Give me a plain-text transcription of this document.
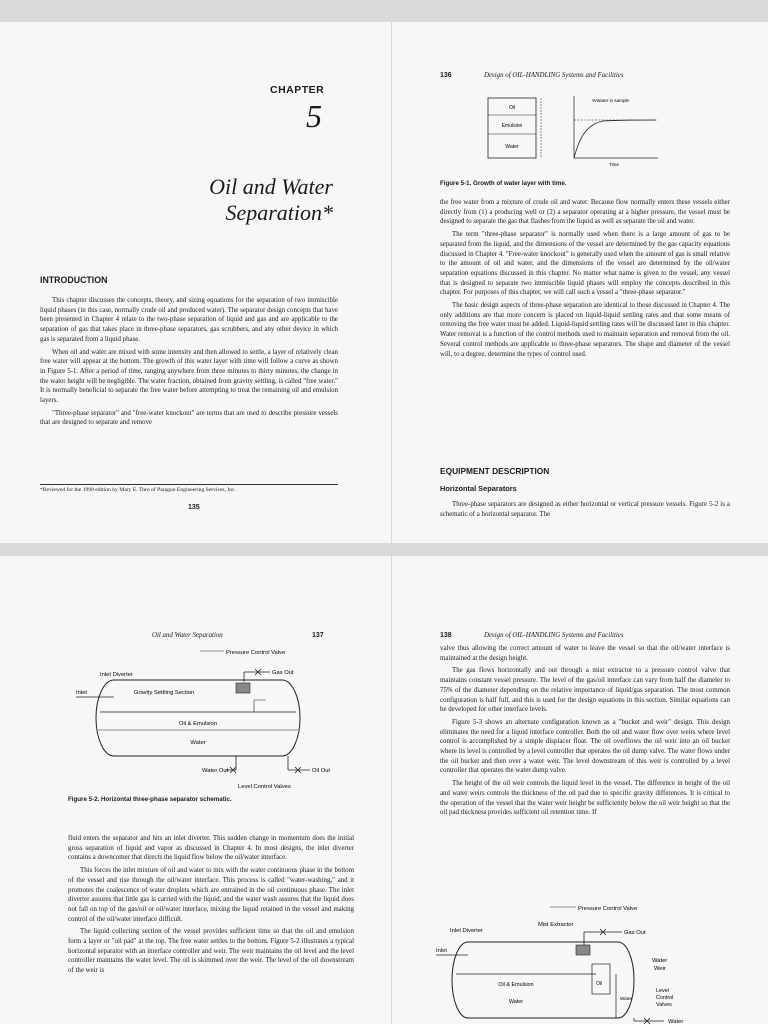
CHAPTER
5
Oil and Water
Separation*
INTRODUCTION

This chapter discusses the concepts, theory, and sizing equations for the separation of two immiscible liquid phases (in this case, normally crude oil and produced water). The separator design concepts that have been presented in Chapter 4 relate to the two-phase separation of liquid and gas and are applicable to the separation of gas that takes place in three-phase separators, gas scrubbers, and any other device in which gas is separated from a liquid phase.

When oil and water are mixed with some intensity and then allowed to settle, a layer of relatively clean free water will appear at the bottom. The growth of this water layer with time will follow a curve as shown in Figure 5-1. After a period of time, ranging anywhere from three minutes to thirty minutes, the change in the water height will be negligible. The water fraction, obtained from gravity settling, is called "free water." It is normally beneficial to separate the free water before attempting to treat the remaining oil and emulsion layers.

"Three-phase separator" and "free-water knockout" are terms that are used to describe pressure vessels that are designed to separate and remove

*Reviewed for the 1998 edition by Mary E. Thro of Paragon Engineering Services, Inc.
135
136	Design of OIL-HANDLING Systems and Facilities
Oil
Emulsion
Water
%Water in sample
Time
Figure 5-1. Growth of water layer with time.

the free water from a mixture of crude oil and water. Because flow normally enters these vessels either directly from (1) a producing well or (2) a separator operating at a higher pressure, the vessel must be designed to separate the gas that flashes from the liquid as well as separate the oil and water.

The term "three-phase separator" is normally used when there is a large amount of gas to be separated from the liquid, and the dimensions of the vessel are determined by the gas capacity equations discussed in Chapter 4. "Free-water knockout" is generally used when the amount of gas is small relative to the amount of oil and water, and the dimensions of the vessel are determined by the oil/water separation equations discussed in this chapter. No matter what name is given to the vessel, any vessel that is designed to separate two immiscible liquid phases will employ the concepts described in this chapter. For purposes of this chapter, we will call such a vessel a "three-phase separator."

The basic design aspects of three-phase separation are identical to those discussed in Chapter 4. The only additions are that more concern is placed on liquid-liquid settling rates and that some means of removing the free water must be added. Liquid-liquid settling rates will be discussed later in this chapter. Water removal is a function of the control methods used to maintain separation and removal from the oil. Several control methods are applicable to three-phase separators. The shape and diameter of the vessel will, to a degree, determine the types of control used.

EQUIPMENT DESCRIPTION
Horizontal Separators

Three-phase separators are designed as either horizontal or vertical pressure vessels. Figure 5-2 is a schematic of a horizontal separator. The

Oil and Water Separation	137
Pressure Control Valve
Gas Out
Inlet Diverter
Inlet	Gravity Settling Section
Oil & Emulsion
Water
Oil Out
Water Out
Level Control Valves
Figure 5-2. Horizontal three-phase separator schematic.

fluid enters the separator and hits an inlet diverter. This sudden change in momentum does the initial gross separation of liquid and vapor as discussed in Chapter 4. In most designs, the inlet diverter contains a downcomer that directs the liquid flow below the oil/water interface.

This forces the inlet mixture of oil and water to mix with the water continuous phase in the bottom of the vessel and rise through the oil/water interface. This process is called "water-washing," and it promotes the coalescence of water droplets which are entrained in the oil continuous phase. The inlet diverter assures that little gas is carried with the liquid, and the water wash assures that the liquid does not fall on top of the gas/oil or oil/water interface, mixing the liquid retained in the vessel and making control of the oil/water interface difficult.

The liquid collecting section of the vessel provides sufficient time so that the oil and emulsion form a layer or "oil pad" at the top. The free water settles to the bottom. Figure 5-2 illustrates a typical horizontal separator with an interface controller and weir. The weir maintains the oil level and the level controller maintains the water level. The oil is skimmed over the weir. The level of the oil downstream of the weir is

138	Design of OIL-HANDLING Systems and Facilities

valve thus allowing the correct amount of water to leave the vessel so that the oil/water interface is maintained at the design height.

The gas flows horizontally and out through a mist extractor to a pressure control valve that maintains constant vessel pressure. The level of the gas/oil interface can vary from half the diameter to 75% of the diameter depending on the relative importance of liquid/gas separation. The most common configuration is half full, and this is used for the design equations in this section. Similar equations can be developed for other interface levels.

Figure 5-3 shows an alternate configuration known as a "bucket and weir" design. This design eliminates the need for a liquid interface controller. Both the oil and water flow over weirs where level control is accomplished by a simple displacer float. The oil overflows the oil weir into an oil bucket where its level is controlled by a level controller that operates the oil dump valve. The water flows under the oil bucket and then over a water weir. The level downstream of this weir is controlled by a level controller that operates the water dump valve.

The height of the oil weir controls the liquid level in the vessel. The difference in height of the oil and water weirs controls the thickness of the oil pad due to specific gravity differences. It is critical to the operation of the vessel that the water weir height be sufficiently below the oil weir height so that the oil pad thickness provides sufficient oil retention time. If

Pressure Control Valve
Mist Extractor
Gas Out
Inlet Diverter
Inlet
Oil & Emulsion
Water
Oil
Water
Water
Weir
Level
Control
Valves
Water
